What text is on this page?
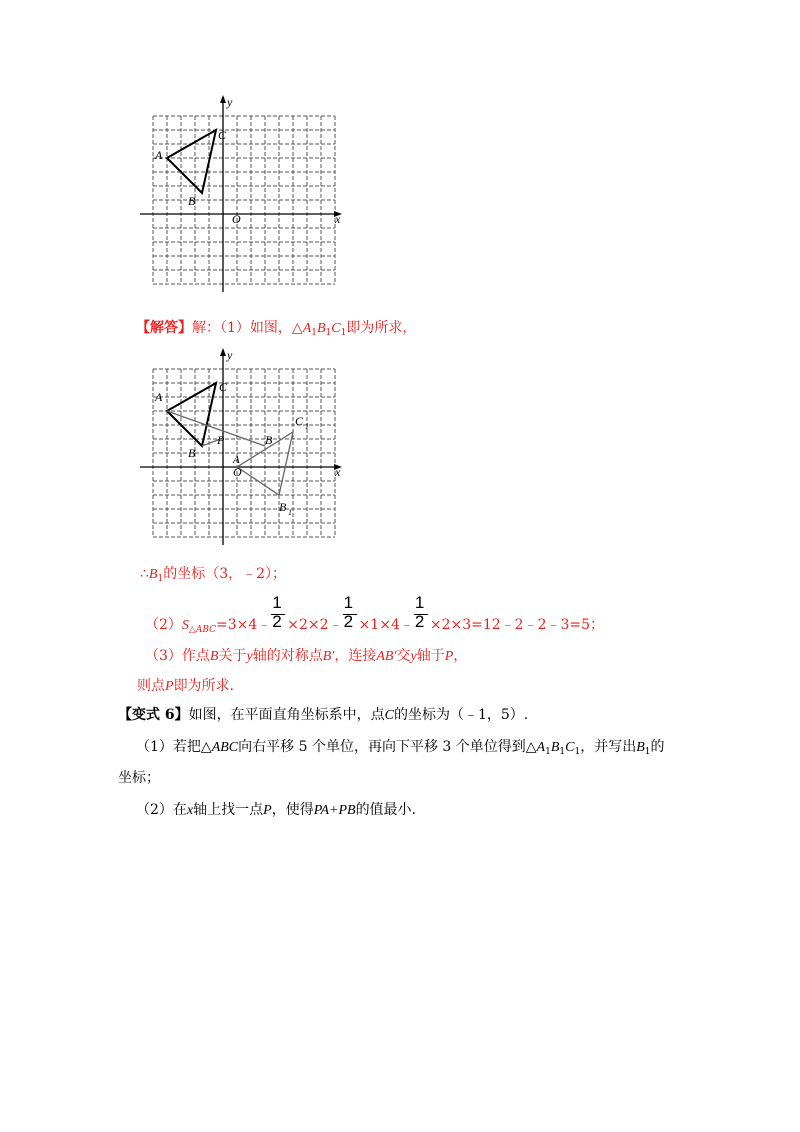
y
x
A
B
C
O
【解答】解：（1）如图，$\triangle A_1B_1C_1$即为所求，
y
x
A
B
C
P	B
O
A
C 1
B 1
$\therefore B_1$的坐标（3，﹣2）；
$(2)S_{\triangle ABC}=3\times 4﹣ \frac{1}{2}$ ×2×2﹣ $\frac{1}{2}$ ×1×4﹣ $\frac{1}{2}$ ×2×3=12﹣2﹣2﹣3=5；
（3）作点B关于y轴的对称点B′，连接AB′交y轴于P，
则点P即为所求.
【变式 6】如图，在平面直角坐标系中，点C的坐标为（﹣1，5）.
（1）若把△ABC向右平移 5 个单位，再向下平移 3 个单位得到$\triangle A_1B_1C_1$，并写出$B_1$的
坐标；
（2）在x轴上找一点P，使得PA+PB的值最小.
